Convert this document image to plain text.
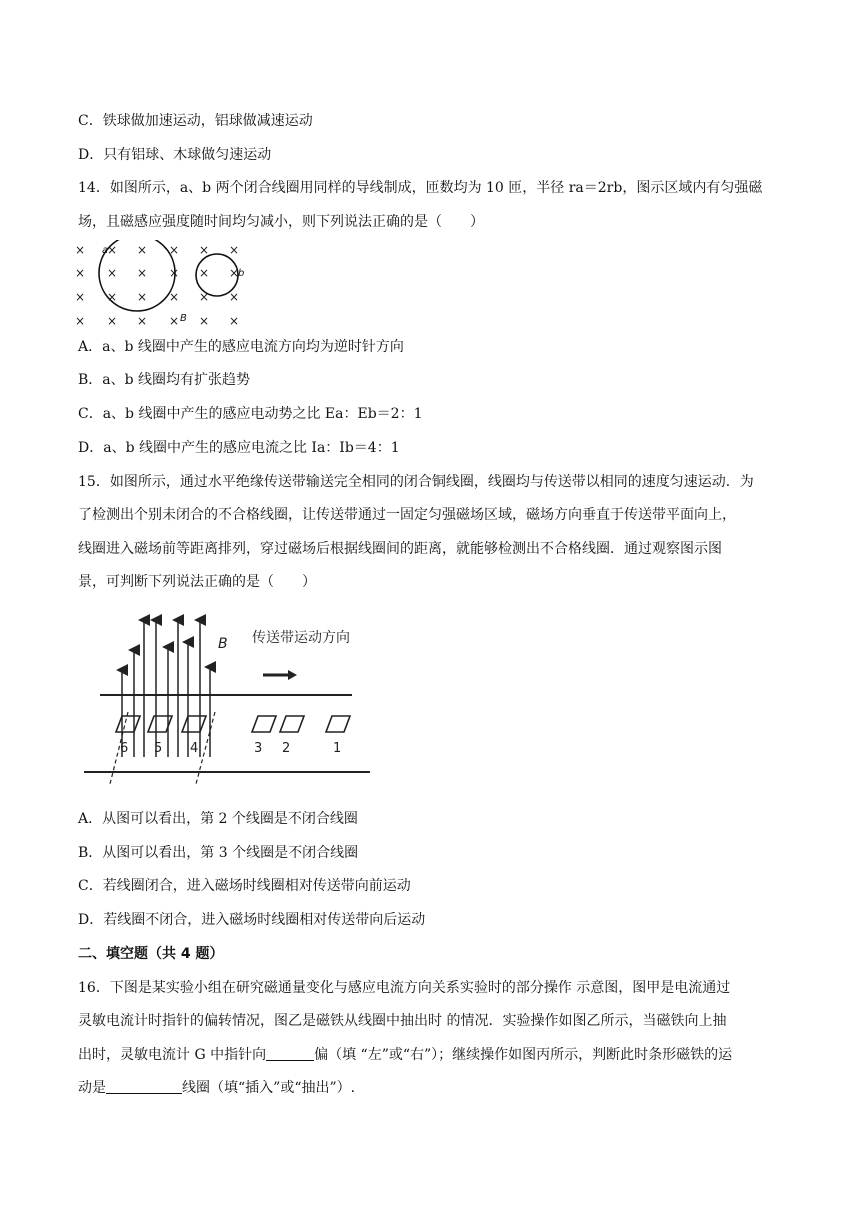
C．铁球做加速运动，铝球做减速运动
D．只有铝球、木球做匀速运动
14．如图所示，a、b 两个闭合线圈用同样的导线制成，匝数均为 10 匝，半径 ra＝2rb，图示区域内有匀强磁
场，且磁感应强度随时间均匀减小，则下列说法正确的是（　　）
× × × × × ×
× × × × × ×
× × × × × ×
× × × × × ×
a
b
B
A．a、b 线圈中产生的感应电流方向均为逆时针方向
B．a、b 线圈均有扩张趋势
C．a、b 线圈中产生的感应电动势之比 Ea：Eb＝2：1
D．a、b 线圈中产生的感应电流之比 Ia：Ib＝4：1
15．如图所示，通过水平绝缘传送带输送完全相同的闭合铜线圈，线圈均与传送带以相同的速度匀速运动．为
了检测出个别未闭合的不合格线圈，让传送带通过一固定匀强磁场区域，磁场方向垂直于传送带平面向上，
线圈进入磁场前等距离排列，穿过磁场后根据线圈间的距离，就能够检测出不合格线圈．通过观察图示图
景，可判断下列说法正确的是（　　）
6 5 4	3 2	1
B 传送带运动方向
A．从图可以看出，第 2 个线圈是不闭合线圈
B．从图可以看出，第 3 个线圈是不闭合线圈
C．若线圈闭合，进入磁场时线圈相对传送带向前运动
D．若线圈不闭合，进入磁场时线圈相对传送带向后运动
二、填空题（共 4 题）
16．下图是某实验小组在研究磁通量变化与感应电流方向关系实验时的部分操作 示意图，图甲是电流通过
灵敏电流计时指针的偏转情况，图乙是磁铁从线圈中抽出时 的情况．实验操作如图乙所示，当磁铁向上抽
出时，灵敏电流计 G 中指针向	偏（填 “左”或“右”）；继续操作如图丙所示，判断此时条形磁铁的运
动是	线圈（填“插入”或“抽出”）.
